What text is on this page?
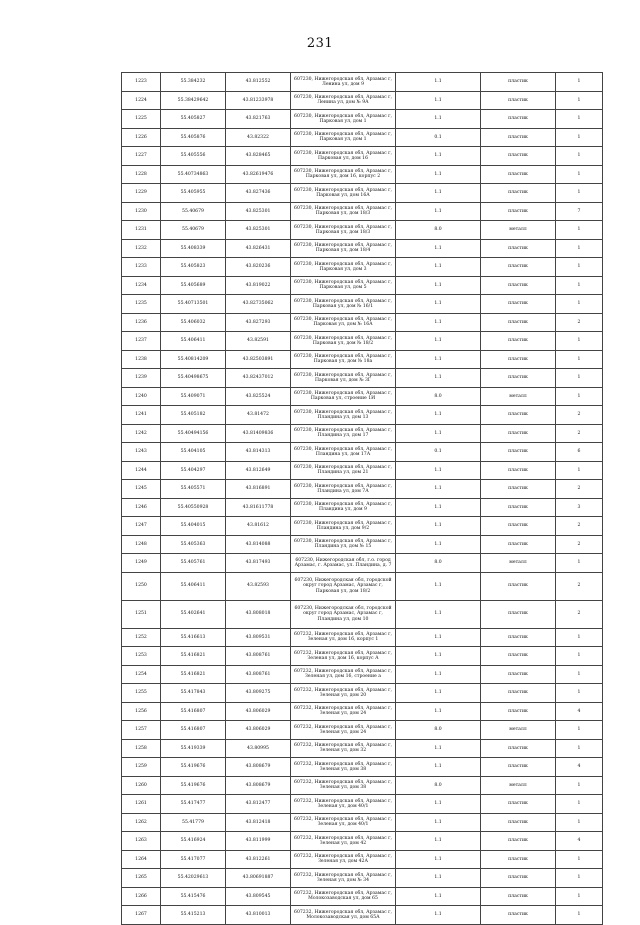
231
1223	55.384232	43.812552	607230, Нижегородская обл, Арзамас г, Ленина ул, дом 9	1.1	пластик	1
1224	55.38429642	43.81233978	607230, Нижегородская обл, Арзамас г, Ленина ул, дом № 9А	1.1	пластик	1
1225	55.405827	43.821763	607230, Нижегородская обл, Арзамас г, Парковая ул, дом 1	1.1	пластик	1
1226	55.405876	43.82322	607230, Нижегородская обл, Арзамас г, Парковая ул, дом 1	0.1	пластик	1
1227	55.405556	43.828465	607230, Нижегородская обл, Арзамас г, Парковая ул, дом 16	1.1	пластик	1
1228	55.40734863	43.82619476	607230, Нижегородская обл, Арзамас г, Парковая ул, дом 16, корпус 2	1.1	пластик	1
1229	55.405955	43.827436	607230, Нижегородская обл, Арзамас г, Парковая ул, дом 16А	1.1	пластик	1
1230	55.40679	43.825301	607230, Нижегородская обл, Арзамас г, Парковая ул, дом 18/3	1.1	пластик	7
1231	55.40679	43.825301	607230, Нижегородская обл, Арзамас г, Парковая ул, дом 18/3	8.0	металл	1
1232	55.408339	43.826431	607230, Нижегородская обл, Арзамас г, Парковая ул, дом 18/4	1.1	пластик	1
1233	55.405823	43.820236	607230, Нижегородская обл, Арзамас г, Парковая ул, дом 3	1.1	пластик	1
1234	55.405689	43.819022	607230, Нижегородская обл, Арзамас г, Парковая ул, дом 5	1.1	пластик	1
1235	55.40713501	43.82735062	607230, Нижегородская обл, Арзамас г, Парковая ул, дом № 16/1	1.1	пластик	1
1236	55.406032	43.827293	607230, Нижегородская обл, Арзамас г, Парковая ул, дом № 16А	1.1	пластик	2
1237	55.406411	43.82591	607230, Нижегородская обл, Арзамас г, Парковая ул, дом № 18/2	1.1	пластик	1
1238	55.40814209	43.82503891	607230, Нижегородская обл, Арзамас г, Парковая ул, дом № 18а	1.1	пластик	1
1239	55.40498675	43.82437012	607230, Нижегородская обл, Арзамас г, Парковая ул, дом № 3Г	1.1	пластик	1
1240	55.409071	43.825524	607230, Нижегородская обл, Арзамас г, Парковая ул, строение 1И	8.0	металл	1
1241	55.405182	43.81472	607230, Нижегородская обл, Арзамас г, Пландина ул, дом 13	1.1	пластик	2
1242	55.40494156	43.81409836	607230, Нижегородская обл, Арзамас г, Пландина ул, дом 17	1.1	пластик	2
1243	55.404105	43.814313	607230, Нижегородская обл, Арзамас г, Пландина ул, дом 17А	0.1	пластик	6
1244	55.404297	43.812649	607230, Нижегородская обл, Арзамас г, Пландина ул, дом 21	1.1	пластик	1
1245	55.405571	43.816891	607230, Нижегородская обл, Арзамас г, Пландина ул, дом 7А	1.1	пластик	2
1246	55.40550928	43.81611778	607230, Нижегородская обл, Арзамас г, Пландина ул, дом 9	1.1	пластик	3
1247	55.404015	43.81612	607230, Нижегородская обл, Арзамас г, Пландина ул, дом 9/2	1.1	пластик	2
1248	55.405363	43.814088	607230, Нижегородская обл, Арзамас г, Пландина ул, дом № 15	1.1	пластик	2
1249	55.405761	43.817493	607230, Нижегородская обл, г.о. город Арзамас, г. Арзамас, ул. Пландина, д. 7	8.0	металл	1
1250	55.406411	43.82593	607230, Нижегородская обл, городской округ город Арзамас, Арзамас г, Парковая ул, дом 18/2	1.1	пластик	2
1251	55.402641	43.808018	607230, Нижегородская обл, городской округ город Арзамас, Арзамас г, Пландина ул, дом 10	1.1	пластик	2
1252	55.416613	43.809531	607232, Нижегородская обл, Арзамас г, Зеленая ул, дом 16, корпус 1	1.1	пластик	1
1253	55.416821	43.808761	607232, Нижегородская обл, Арзамас г, Зеленая ул, дом 16, корпус А	1.1	пластик	1
1254	55.416821	43.808761	607232, Нижегородская обл, Арзамас г, Зеленая ул, дом 16, строение а	1.1	пластик	1
1255	55.417843	43.809275	607232, Нижегородская обл, Арзамас г, Зеленая ул, дом 20	1.1	пластик	1
1256	55.416807	43.806029	607232, Нижегородская обл, Арзамас г, Зеленая ул, дом 24	1.1	пластик	4
1257	55.416807	43.806029	607232, Нижегородская обл, Арзамас г, Зеленая ул, дом 24	8.0	металл	1
1258	55.419339	43.80995	607232, Нижегородская обл, Арзамас г, Зеленая ул, дом 32	1.1	пластик	1
1259	55.419676	43.808679	607232, Нижегородская обл, Арзамас г, Зеленая ул, дом 38	1.1	пластик	4
1260	55.419676	43.808679	607232, Нижегородская обл, Арзамас г, Зеленая ул, дом 38	8.0	металл	1
1261	55.417477	43.812477	607232, Нижегородская обл, Арзамас г, Зеленая ул, дом 40/1	1.1	пластик	1
1262	55.41779	43.812418	607232, Нижегородская обл, Арзамас г, Зеленая ул, дом 40/1	1.1	пластик	1
1263	55.416924	43.811999	607232, Нижегородская обл, Арзамас г, Зеленая ул, дом 42	1.1	пластик	4
1264	55.417077	43.812261	607232, Нижегородская обл, Арзамас г, Зеленая ул, дом 42А	1.1	пластик	1
1265	55.42029613	43.80691887	607232, Нижегородская обл, Арзамас г, Зеленая ул, дом № 34	1.1	пластик	1
1266	55.415476	43.809545	607232, Нижегородская обл, Арзамас г, Молокозаводская ул, дом 65	1.1	пластик	1
1267	55.415213	43.810013	607232, Нижегородская обл, Арзамас г, Молокозаводская ул, дом 65А	1.1	пластик	1
